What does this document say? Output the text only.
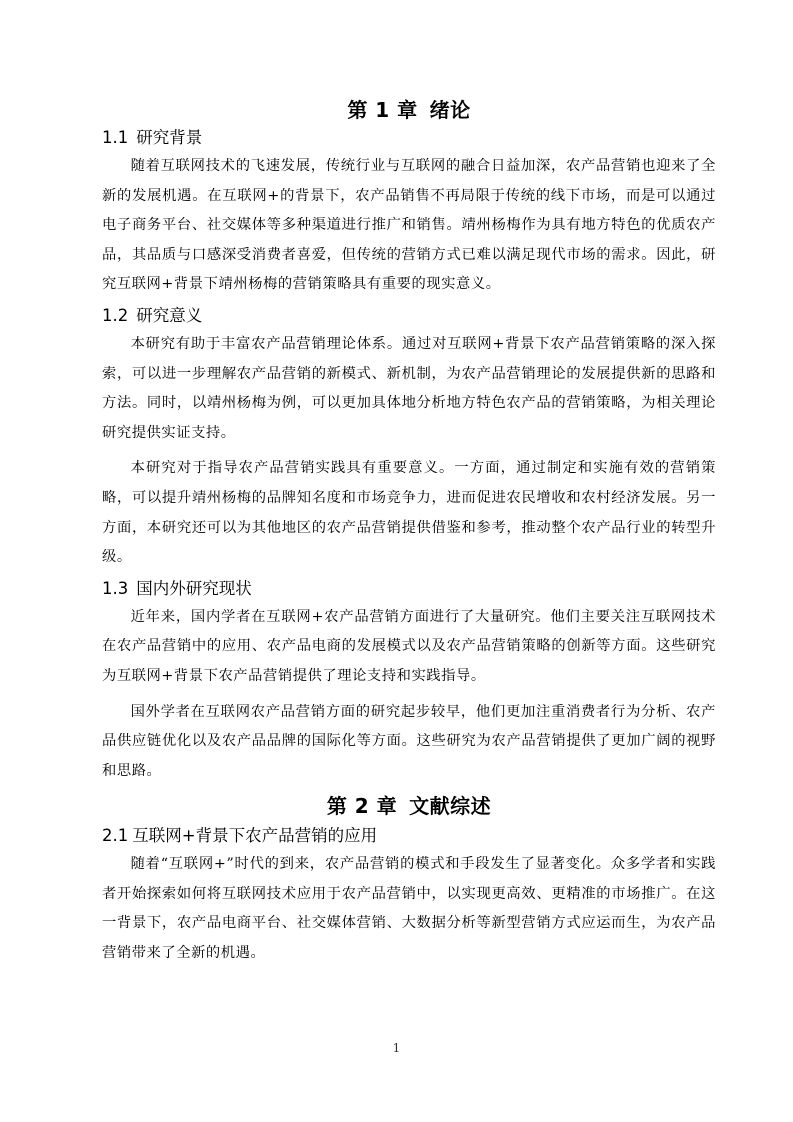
第 1 章 绪论
1.1 研究背景

随着互联网技术的飞速发展，传统行业与互联网的融合日益加深，农产品营销也迎来了全新的发展机遇。在互联网+的背景下，农产品销售不再局限于传统的线下市场，而是可以通过电子商务平台、社交媒体等多种渠道进行推广和销售。靖州杨梅作为具有地方特色的优质农产品，其品质与口感深受消费者喜爱，但传统的营销方式已难以满足现代市场的需求。因此，研究互联网+背景下靖州杨梅的营销策略具有重要的现实意义。

1.2 研究意义

本研究有助于丰富农产品营销理论体系。通过对互联网+背景下农产品营销策略的深入探索，可以进一步理解农产品营销的新模式、新机制，为农产品营销理论的发展提供新的思路和方法。同时，以靖州杨梅为例，可以更加具体地分析地方特色农产品的营销策略，为相关理论研究提供实证支持。

本研究对于指导农产品营销实践具有重要意义。一方面，通过制定和实施有效的营销策略，可以提升靖州杨梅的品牌知名度和市场竞争力，进而促进农民增收和农村经济发展。另一方面，本研究还可以为其他地区的农产品营销提供借鉴和参考，推动整个农产品行业的转型升级。

1.3 国内外研究现状

近年来，国内学者在互联网+农产品营销方面进行了大量研究。他们主要关注互联网技术在农产品营销中的应用、农产品电商的发展模式以及农产品营销策略的创新等方面。这些研究为互联网+背景下农产品营销提供了理论支持和实践指导。

国外学者在互联网农产品营销方面的研究起步较早，他们更加注重消费者行为分析、农产品供应链优化以及农产品品牌的国际化等方面。这些研究为农产品营销提供了更加广阔的视野和思路。

第 2 章 文献综述
2.1 互联网+背景下农产品营销的应用

随着“互联网+”时代的到来，农产品营销的模式和手段发生了显著变化。众多学者和实践者开始探索如何将互联网技术应用于农产品营销中，以实现更高效、更精准的市场推广。在这一背景下，农产品电商平台、社交媒体营销、大数据分析等新型营销方式应运而生，为农产品营销带来了全新的机遇。

1
